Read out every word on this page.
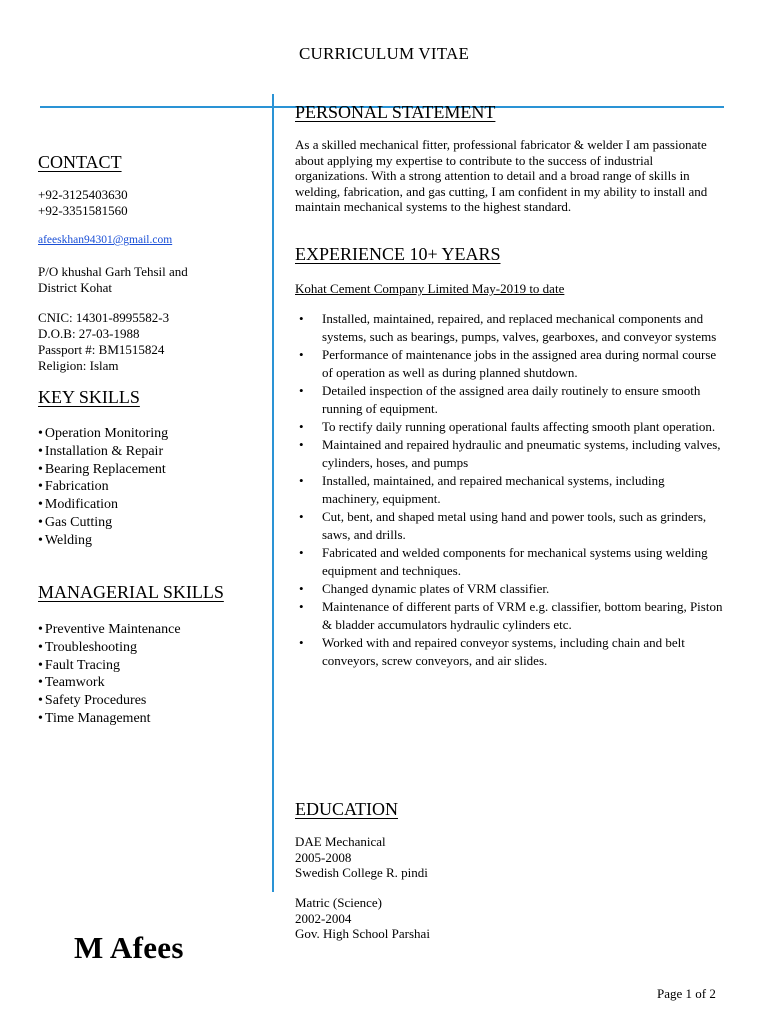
CURRICULUM VITAE
CONTACT
+92-3125403630
+92-3351581560
afeeskhan94301@gmail.com
P/O khushal Garh Tehsil and
District Kohat
CNIC: 14301-8995582-3
D.O.B: 27-03-1988
Passport #: BM1515824
Religion: Islam
KEY SKILLS
• Operation Monitoring
• Installation & Repair
• Bearing Replacement
• Fabrication
• Modification
• Gas Cutting
• Welding
MANAGERIAL SKILLS
• Preventive Maintenance
• Troubleshooting
• Fault Tracing
• Teamwork
• Safety Procedures
• Time Management
PERSONAL STATEMENT
As a skilled mechanical fitter, professional fabricator & welder I am passionate about applying my expertise to contribute to the success of industrial organizations. With a strong attention to detail and a broad range of skills in welding, fabrication, and gas cutting, I am confident in my ability to install and maintain mechanical systems to the highest standard.
EXPERIENCE 10+ YEARS
Kohat Cement Company Limited May-2019 to date
• Installed, maintained, repaired, and replaced mechanical components and systems, such as bearings, pumps, valves, gearboxes, and conveyor systems
• Performance of maintenance jobs in the assigned area during normal course of operation as well as during planned shutdown.
• Detailed inspection of the assigned area daily routinely to ensure smooth running of equipment.
• To rectify daily running operational faults affecting smooth plant operation.
• Maintained and repaired hydraulic and pneumatic systems, including valves, cylinders, hoses, and pumps
• Installed, maintained, and repaired mechanical systems, including machinery, equipment.
• Cut, bent, and shaped metal using hand and power tools, such as grinders, saws, and drills.
• Fabricated and welded components for mechanical systems using welding equipment and techniques.
• Changed dynamic plates of VRM classifier.
• Maintenance of different parts of VRM e.g. classifier, bottom bearing, Piston & bladder accumulators hydraulic cylinders etc.
• Worked with and repaired conveyor systems, including chain and belt conveyors, screw conveyors, and air slides.
EDUCATION
DAE Mechanical
2005-2008
Swedish College R. pindi
Matric (Science)
2002-2004
Gov. High School Parshai
M Afees
Page 1 of 2
